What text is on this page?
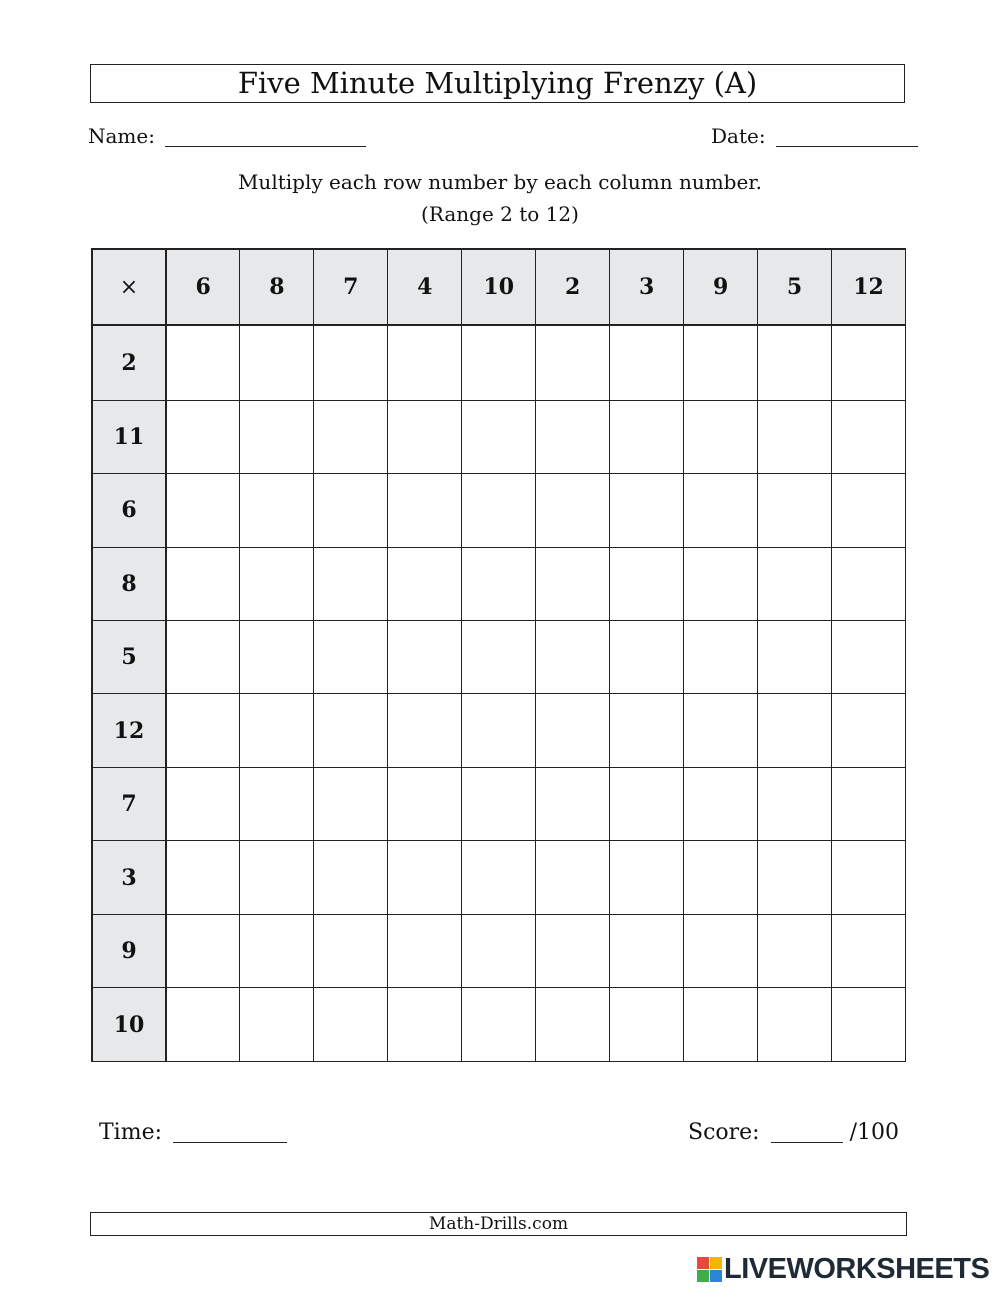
Five Minute Multiplying Frenzy (A)
Name:	Date:
Multiply each row number by each column number.
(Range 2 to 12)
×	6	8	7	4	10	2	3	9	5	12
2										
11										
6										
8										
5										
12										
7										
3										
9										
10										
Time:	Score:	/100
Math-Drills.com
LIVEWORKSHEETS
